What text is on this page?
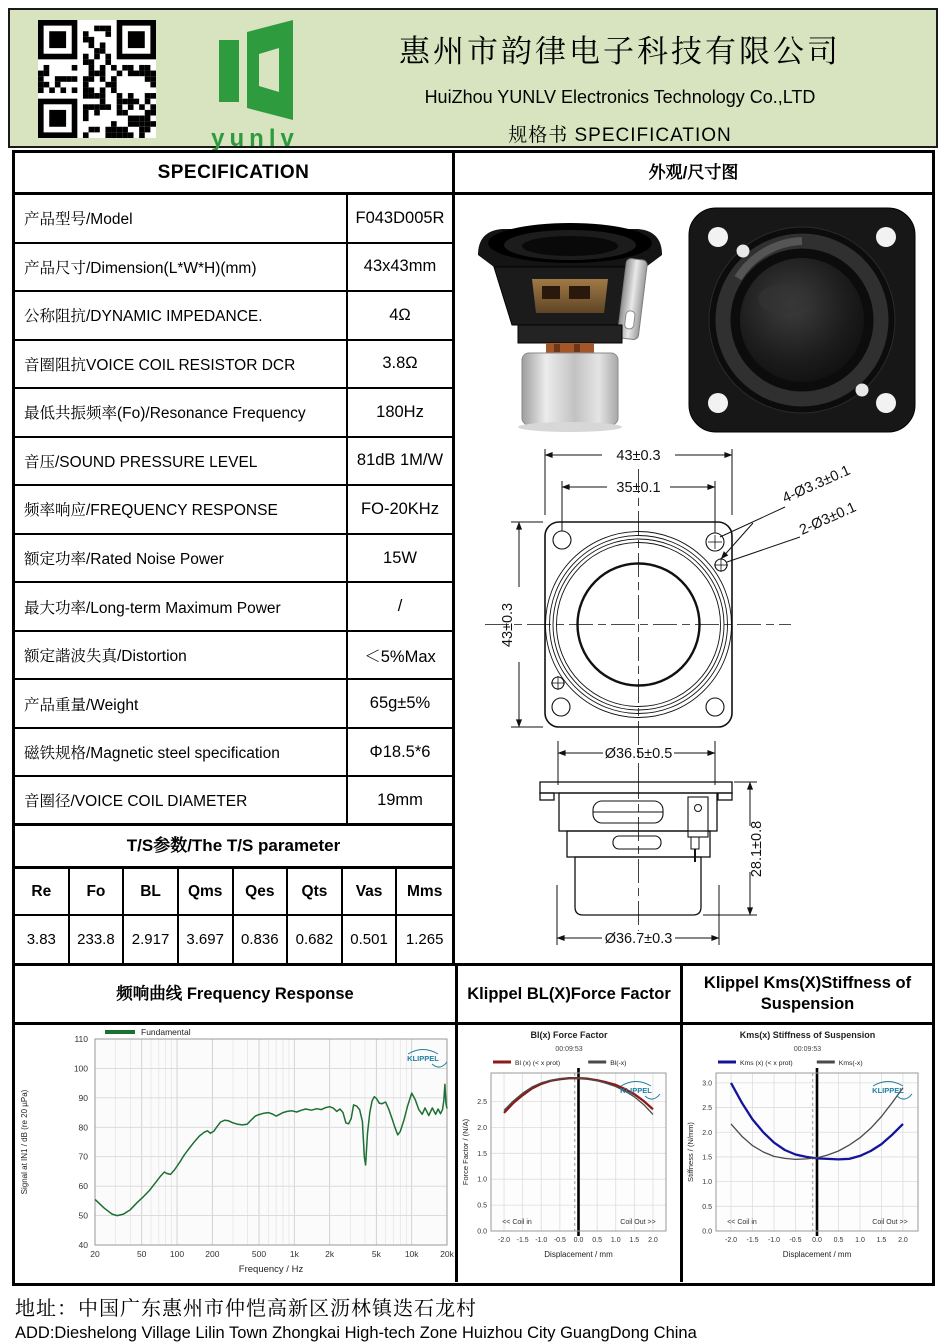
yunlv
惠州市韵律电子科技有限公司
HuiZhou YUNLV Electronics Technology Co.,LTD
规格书 SPECIFICATION
SPECIFICATION
产品型号/Model	F043D005R
产品尺寸/Dimension(L*W*H)(mm)	43x43mm
公称阻抗/DYNAMIC IMPEDANCE.	4Ω
音圈阻抗VOICE COIL RESISTOR DCR	3.8Ω
最低共振频率(Fo)/Resonance Frequency	180Hz
音压/SOUND PRESSURE LEVEL	81dB 1M/W
频率响应/FREQUENCY RESPONSE	FO-20KHz
额定功率/Rated Noise Power	15W
最大功率/Long-term Maximum Power	/
额定諧波失真/Distortion	＜5%Max
产品重量/Weight	65g±5%
磁铁规格/Magnetic steel specification	Φ18.5*6
音圈径/VOICE COIL DIAMETER	19mm
T/S参数/The T/S parameter
Re	Fo	BL	Qms	Qes	Qts	Vas	Mms
3.83	233.8	2.917	3.697	0.836	0.682	0.501	1.265
外观/尺寸图
43±0.3
35±0.1
43±0.3
4-Ø3.3±0.1
2-Ø3±0.1
Ø36.5±0.5
28.1±0.8
Ø36.7±0.3
频响曲线 Frequency Response
20	50	100 200	500	1k	2k	5k	10k	20k
40
50
60
70
80
90
100
110
Fundamental
Frequency / Hz
Signal at IN1 / dB (re 20 µPa)
KLIPPEL
Klippel BL(X)Force Factor
Bl(x) Force Factor
00:09:53
Bl (x) (< x prot)	Bl(-x)
-2.0 -1.5 -1.0 -0.5 0.0 0.5 1.0 1.5 2.0
0.0
0.5
1.0
1.5
2.0
2.5
<< Coil in	Coil Out >>
Displacement / mm
Force Factor / (N/A)
KLIPPEL
Klippel Kms(X)Stiffness of Suspension
Kms(x) Stiffness of Suspension
00:09:53
Kms (x) (< x prot)	Kms(-x)
-2.0 -1.5 -1.0 -0.5 0.0 0.5 1.0 1.5 2.0
0.0
0.5
1.0
1.5
2.0
2.5
3.0
<< Coil in	Coil Out >>
Displacement / mm
Stiffness / (N/mm)
KLIPPEL
地址：中国广东惠州市仲恺高新区沥林镇迭石龙村
ADD:Dieshelong Village Lilin Town Zhongkai High-tech Zone Huizhou City GuangDong China
